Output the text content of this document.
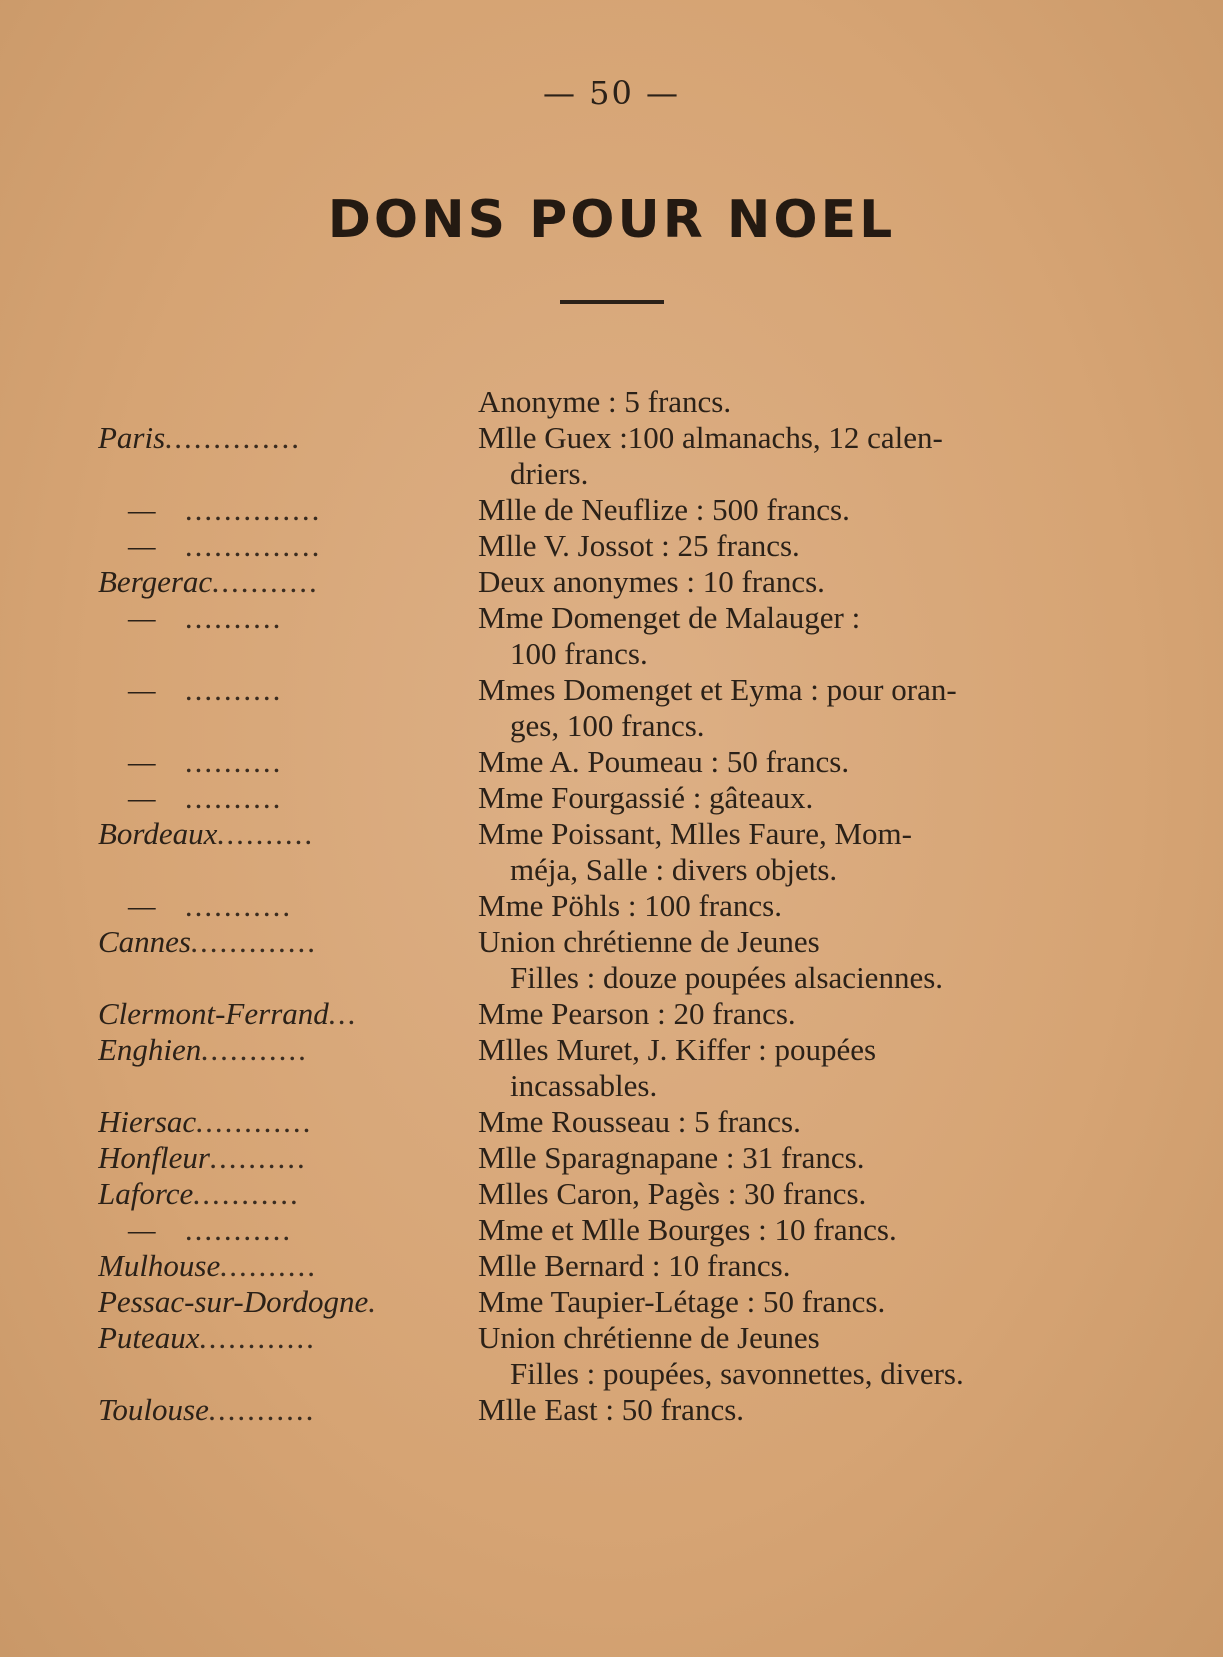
— 50 —
DONS POUR NOEL
Anonyme : 5 francs.
Paris..............	Mlle Guex :100 almanachs, 12 calen-
driers.
— ..............	Mlle de Neuflize : 500 francs.
— ..............	Mlle V. Jossot : 25 francs.
Bergerac...........	Deux anonymes : 10 francs.
— ..........	Mme Domenget de Malauger :
100 francs.
— ..........	Mmes Domenget et Eyma : pour oran-
ges, 100 francs.
— ..........	Mme A. Poumeau : 50 francs.
— ..........	Mme Fourgassié : gâteaux.
Bordeaux..........	Mme Poissant, Mlles Faure, Mom-
méja, Salle : divers objets.
— ...........	Mme Pöhls : 100 francs.
Cannes.............	Union chrétienne de Jeunes
Filles : douze poupées alsaciennes.
Clermont-Ferrand...	Mme Pearson : 20 francs.
Enghien...........	Mlles Muret, J. Kiffer : poupées
incassables.
Hiersac............	Mme Rousseau : 5 francs.
Honfleur..........	Mlle Sparagnapane : 31 francs.
Laforce...........	Mlles Caron, Pagès : 30 francs.
— ...........	Mme et Mlle Bourges : 10 francs.
Mulhouse..........	Mlle Bernard : 10 francs.
Pessac-sur-Dordogne.	Mme Taupier-Létage : 50 francs.
Puteaux............	Union chrétienne de Jeunes
Filles : poupées, savonnettes, divers.
Toulouse...........	Mlle East : 50 francs.
